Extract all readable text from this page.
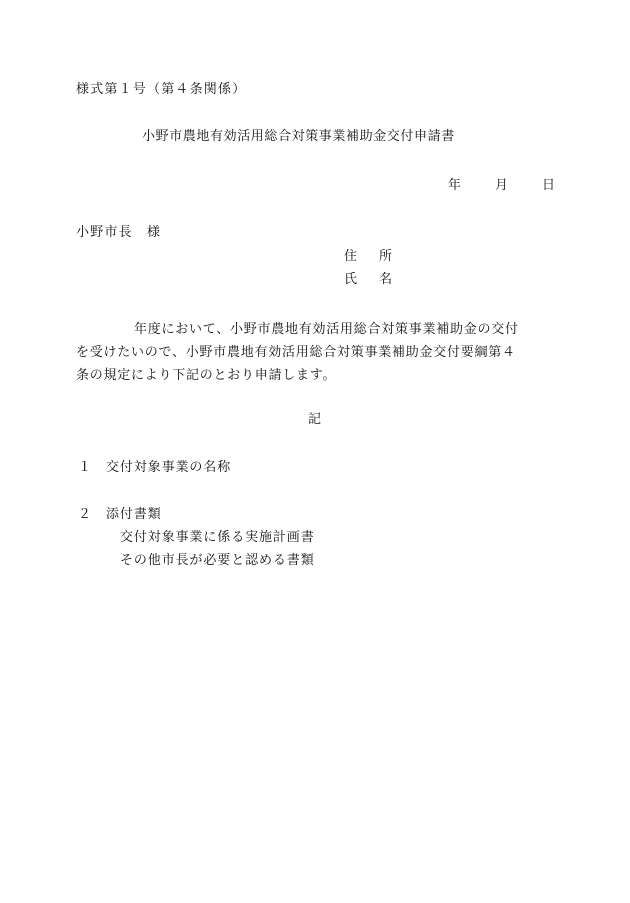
様式第１号（第４条関係）
小野市農地有効活用総合対策事業補助金交付申請書
年	月	日
小野市長　様
住 所
氏 名
年度において、小野市農地有効活用総合対策事業補助金の交付
を受けたいので、小野市農地有効活用総合対策事業補助金交付要綱第４
条の規定により下記のとおり申請します。
記
１ 交付対象事業の名称
２ 添付書類
交付対象事業に係る実施計画書
その他市長が必要と認める書類
